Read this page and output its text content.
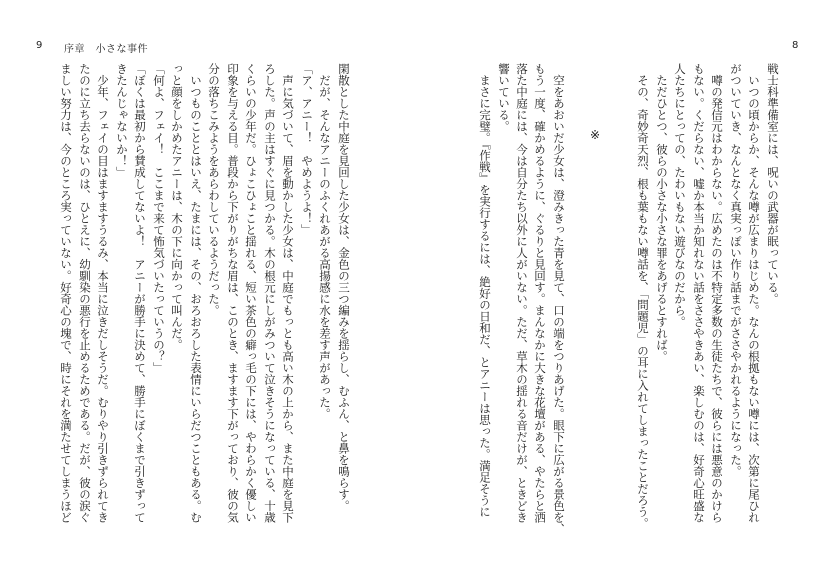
9 序章　小さな事件
閑散とした中庭を見回した少女は、金色の三つ編みを揺らし、むふん、と鼻を鳴らす。
　だが、そんなアニーのふくれあがる高揚感に水を差す声があった。
「ア、アニー！　やめようよ！」
　声に気づいて、眉を動かした少女は、中庭でもっとも高い木の上から、また中庭を見下
ろした。声の主はすぐに見つかる。木の根元にしがみついて泣きそうになっている、十歳
くらいの少年だ。ひょこひょこと揺れる、短い茶色の癖っ毛の下には、やわらかく優しい
印象を与える目。普段から下がりがちな眉は、このとき、ますます下がっており、彼の気
分の落ちこみようをあらわしているようだった。
　いつものこととはいえ、たまには、その、おろおろした表情にいらだつこともある。む
っと顔をしかめたアニーは、木の下に向かって叫んだ。
「何よ、フェイ！　ここまで来て怖気づいたっていうの？」
「ぼくは最初から賛成してないよ！　アニーが勝手に決めて、勝手にぼくまで引きずって
きたんじゃないか！」
　少年、フェイの目はますますうるみ、本当に泣きだしそうだ。むりやり引きずられてき
たのに立ち去らないのは、ひとえに、幼馴染の悪行を止めるためである。だが、彼の涙ぐ
ましい努力は、今のところ実っていない。好奇心の塊で、時にそれを満たせてしまうほど
8
戦士科準備室には、呪いの武器が眠っている。
　いつの頃からか、そんな噂が広まりはじめた。なんの根拠もない噂には、次第に尾ひれ
がついていき、なんとなく真実っぽい作り話までがささやかれるようになった。
　噂の発信元はわからない。広めたのは不特定多数の生徒たちで、彼らには悪意のかけら
もない。くだらない、嘘か本当か知れない話をささやきあい、楽しむのは、好奇心旺盛な
人たちにとっての、たわいもない遊びなのだから。
　ただひとつ、彼らの小さな小さな罪をあげるとすれば。
　その、奇妙奇天烈、根も葉もない噂話を、「問題児」の耳に入れてしまったことだろう。
※
　空をあおいだ少女は、澄みきった青を見て、口の端をつりあげた。眼下に広がる景色を、
もう一度、確かめるように、ぐるりと見回す。まんなかに大きな花壇がある、やたらと洒
落た中庭には、今は自分たち以外に人がいない。ただ、草木の揺れる音だけが、ときどき
響いている。
　まさに完璧。『作戦』を実行するには、絶好の日和だ、とアニーは思った。満足そうに
